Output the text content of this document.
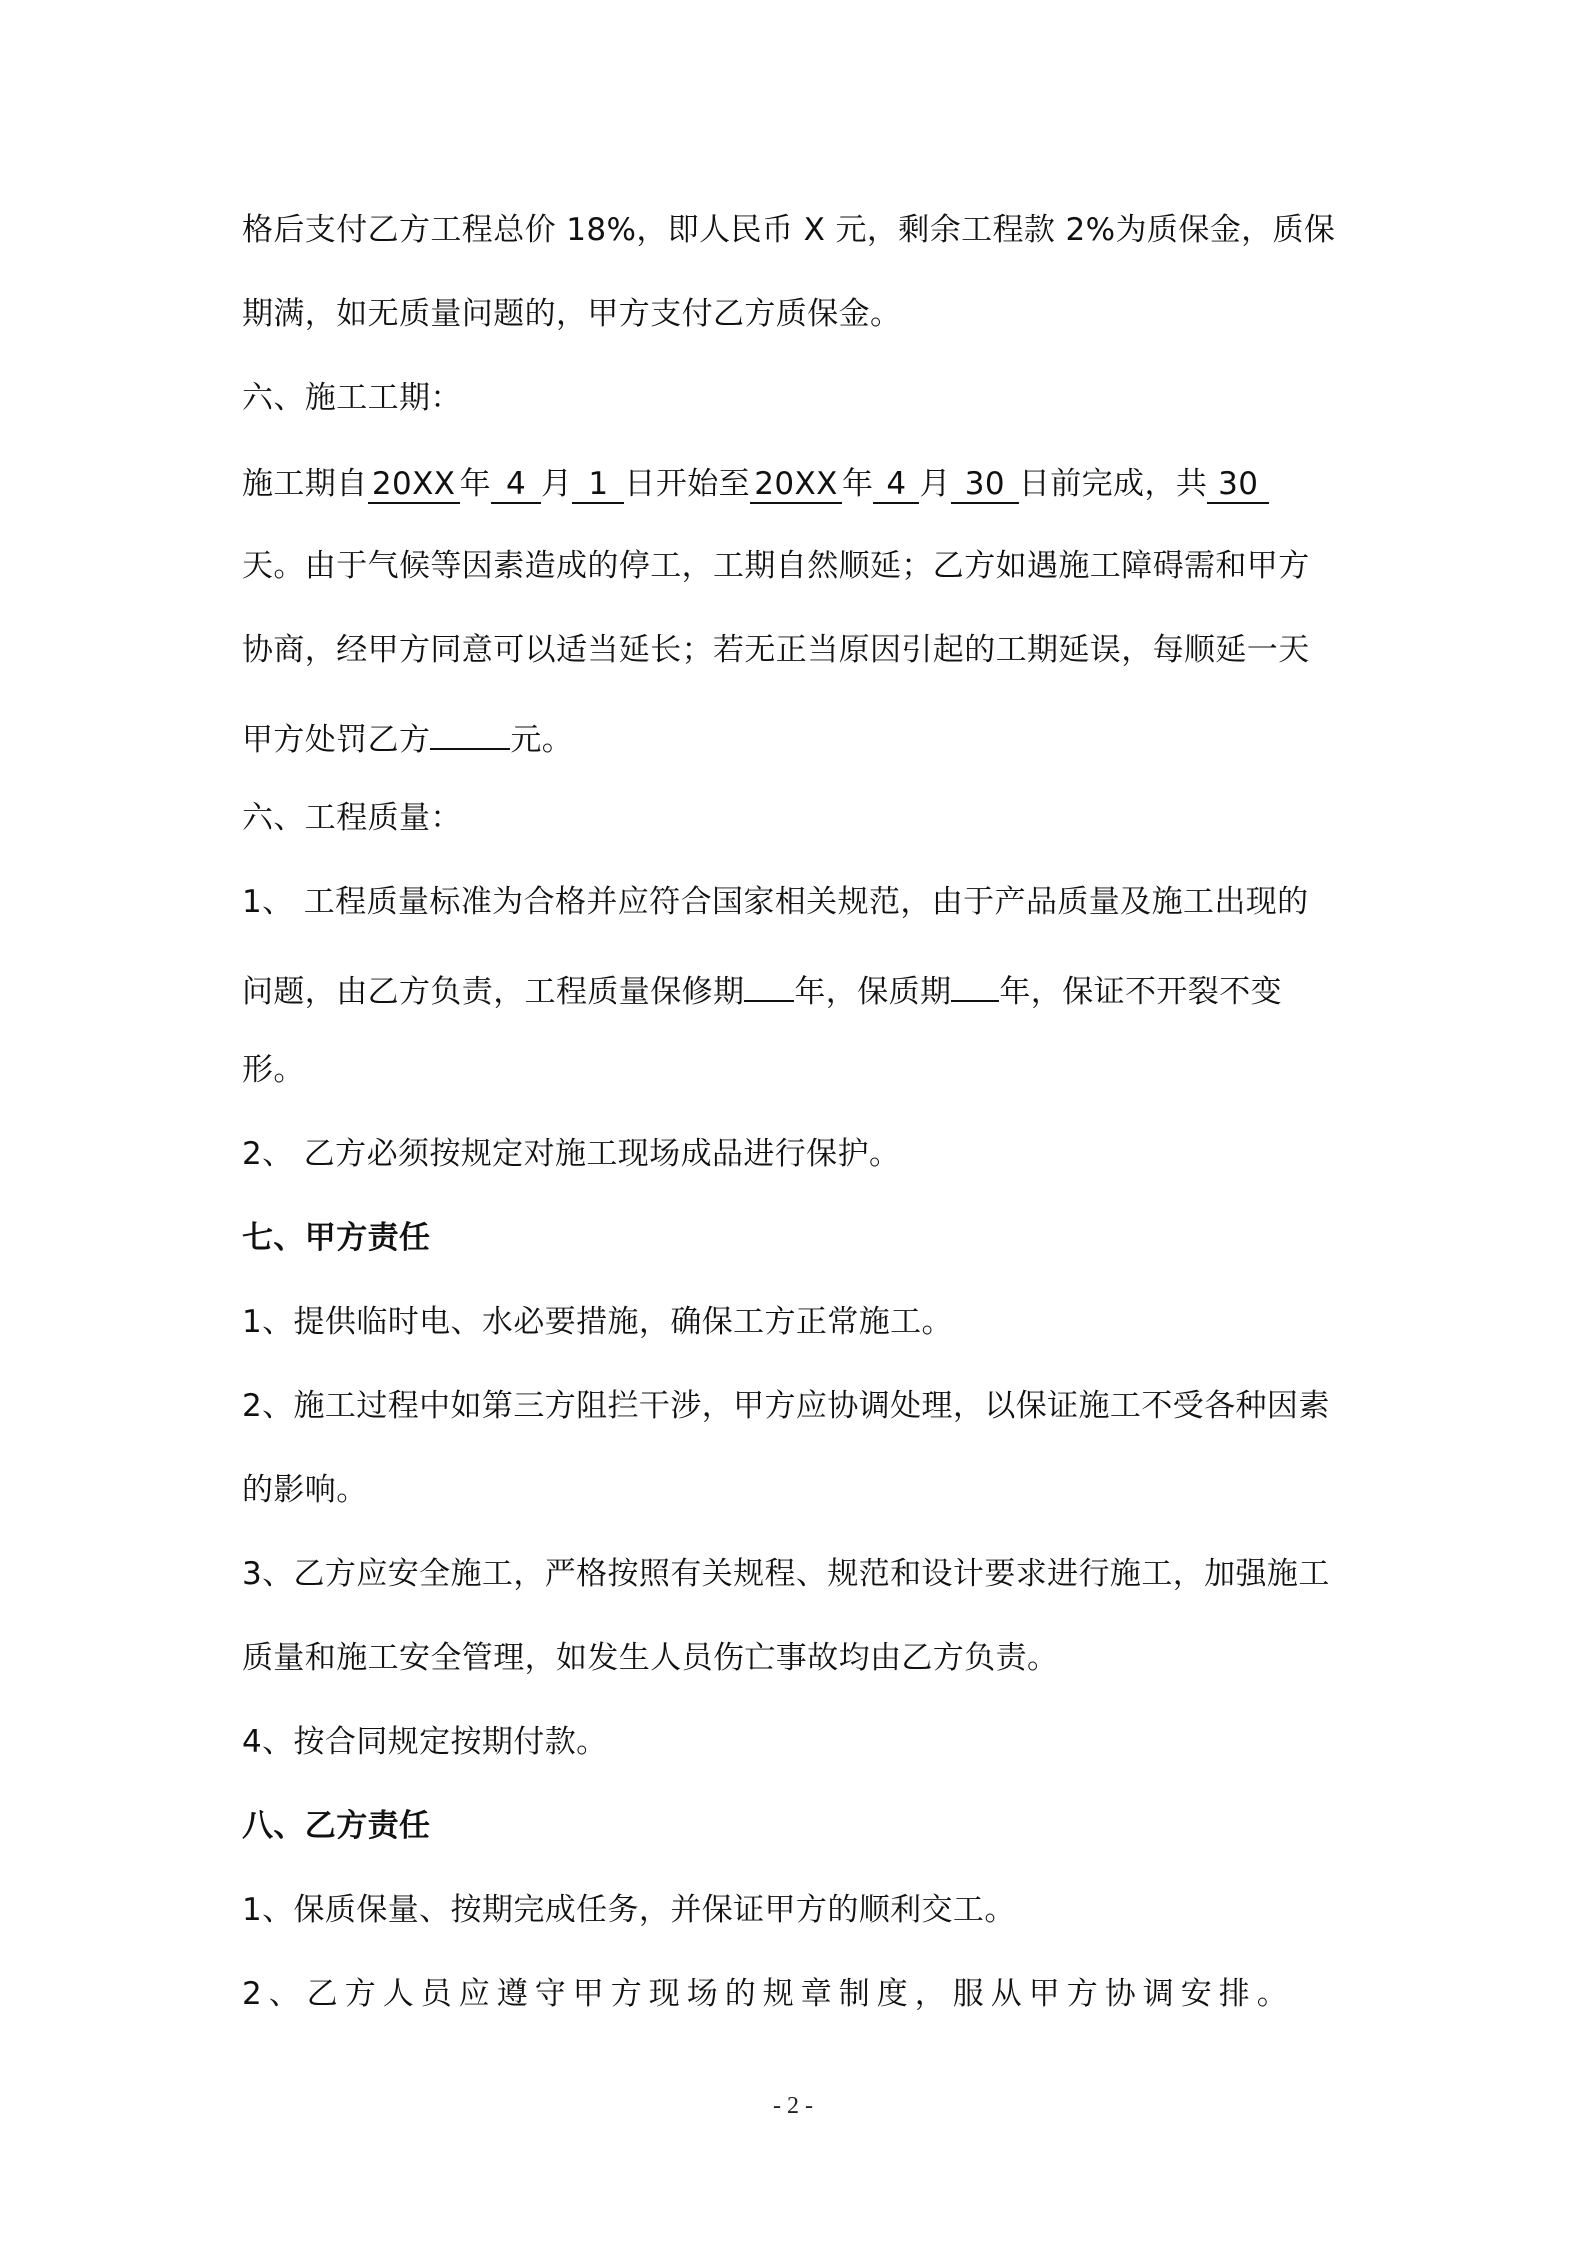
格后支付乙方工程总价 18%，即人民币 X 元，剩余工程款 2%为质保金，质保
期满，如无质量问题的，甲方支付乙方质保金。
六、施工工期：
施工期自 20XX 年 4 月 1 日开始至 20XX 年 4 月 30 日前完成，共 30
天。由于气候等因素造成的停工，工期自然顺延；乙方如遇施工障碍需和甲方
协商，经甲方同意可以适当延长；若无正当原因引起的工期延误，每顺延一天
甲方处罚乙方	元。
六、工程质量：
1、 工程质量标准为合格并应符合国家相关规范，由于产品质量及施工出现的
问题，由乙方负责，工程质量保修期 年，保质期 年，保证不开裂不变
形。
2、 乙方必须按规定对施工现场成品进行保护。
七、甲方责任
1、提供临时电、水必要措施，确保工方正常施工。
2、施工过程中如第三方阻拦干涉，甲方应协调处理，以保证施工不受各种因素
的影响。
3、乙方应安全施工，严格按照有关规程、规范和设计要求进行施工，加强施工
质量和施工安全管理，如发生人员伤亡事故均由乙方负责。
4、按合同规定按期付款。
八、乙方责任
1、保质保量、按期完成任务，并保证甲方的顺利交工。
2、乙方人员应遵守甲方现场的规章制度，服从甲方协调安排。
- 2 -
